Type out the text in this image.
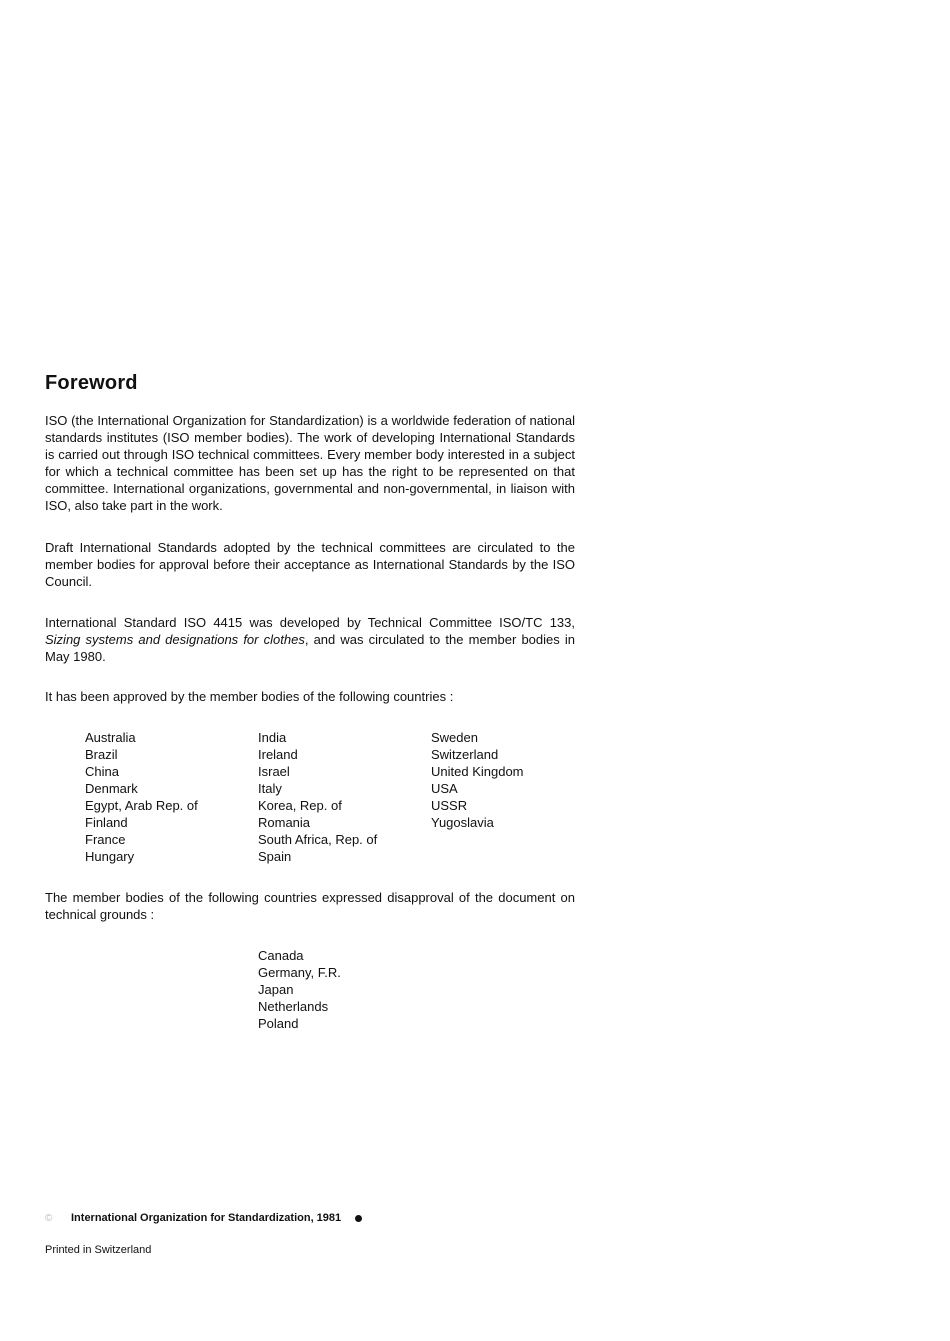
Foreword

ISO (the International Organization for Standardization) is a worldwide federation of national standards institutes (ISO member bodies). The work of developing International Standards is carried out through ISO technical committees. Every member body interested in a subject for which a technical committee has been set up has the right to be represented on that committee. International organizations, governmental and non-governmental, in liaison with ISO, also take part in the work.

Draft International Standards adopted by the technical committees are circulated to the member bodies for approval before their acceptance as International Standards by the ISO Council.

International Standard ISO 4415 was developed by Technical Committee ISO/TC 133, Sizing systems and designations for clothes, and was circulated to the member bodies in May 1980.

It has been approved by the member bodies of the following countries :

Australia
Brazil
China
Denmark
Egypt, Arab Rep. of
Finland
France
Hungary
India
Ireland
Israel
Italy
Korea, Rep. of
Romania
South Africa, Rep. of
Spain
Sweden
Switzerland
United Kingdom
USA
USSR
Yugoslavia

The member bodies of the following countries expressed disapproval of the document on technical grounds :

Canada
Germany, F.R.
Japan
Netherlands
Poland
©	International Organization for Standardization, 1981
Printed in Switzerland
